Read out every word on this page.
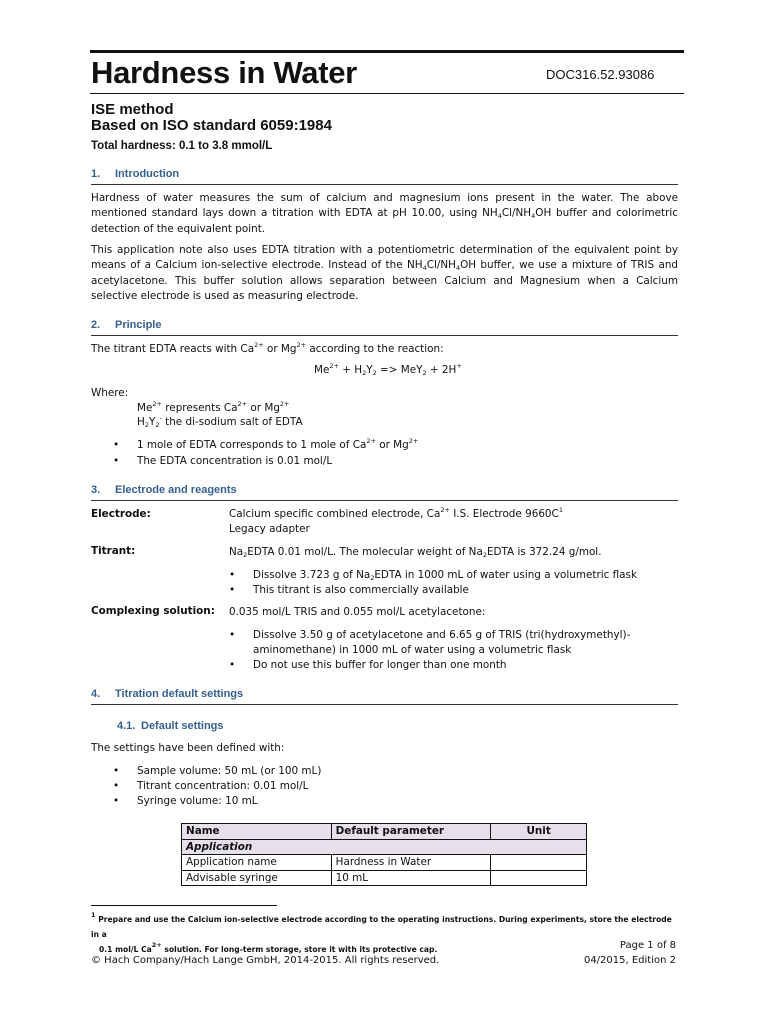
Hardness in Water	DOC316.52.93086
ISE method
Based on ISO standard 6059:1984
Total hardness: 0.1 to 3.8 mmol/L
1. Introduction
Hardness of water measures the sum of calcium and magnesium ions present in the water. The above mentioned standard lays down a titration with EDTA at pH 10.00, using $NH_4Cl/NH_4OH$ buffer and colorimetric detection of the equivalent point.
This application note also uses EDTA titration with a potentiometric determination of the equivalent point by means of a Calcium ion-selective electrode. Instead of the $NH_4Cl/NH_4OH$ buffer, we use a mixture of TRIS and acetylacetone. This buffer solution allows separation between Calcium and Magnesium when a Calcium selective electrode is used as measuring electrode.
2. Principle
The titrant EDTA reacts with $Ca^{2+}$ or $Mg^{2+}$ according to the reaction:
$Me^{2+} + H_2Y_2 => MeY_2 + 2H^+$
Where:
$Me^{2+}$ represents $Ca^{2+}$ or $Mg^{2+}$
$H_2Y_2^-$ the di-sodium salt of EDTA
• 1 mole of EDTA corresponds to 1 mole of $Ca^{2+}$ or $Mg^{2+}$
• The EDTA concentration is 0.01 mol/L
3. Electrode and reagents
Electrode:	Calcium specific combined electrode, $Ca^{2+}$ I.S. Electrode $9660C^1$
Legacy adapter
Titrant:	$Na_2EDTA$ 0.01 mol/L. The molecular weight of $Na_2EDTA$ is 372.24 g/mol.
• Dissolve 3.723 g of $Na_2EDTA$ in 1000 mL of water using a volumetric flask
• This titrant is also commercially available
Complexing solution: 0.035 mol/L TRIS and 0.055 mol/L acetylacetone:
• Dissolve 3.50 g of acetylacetone and 6.65 g of TRIS (tri(hydroxymethyl)-
aminomethane) in 1000 mL of water using a volumetric flask
• Do not use this buffer for longer than one month
4. Titration default settings
4.1. Default settings
The settings have been defined with:
• Sample volume: 50 mL (or 100 mL)
• Titrant concentration: 0.01 mol/L
• Syringe volume: 10 mL
Name	Default parameter	Unit
Application		
Application name	Hardness in Water	
Advisable syringe	10 mL	
$^1$ Prepare and use the Calcium ion-selective electrode according to the operating instructions. During experiments, store the electrode in a
0.1 mol/L $Ca^{2+}$ solution. For long-term storage, store it with its protective cap.	Page 1 of 8
© Hach Company/Hach Lange GmbH, 2014-2015. All rights reserved.	04/2015, Edition 2
